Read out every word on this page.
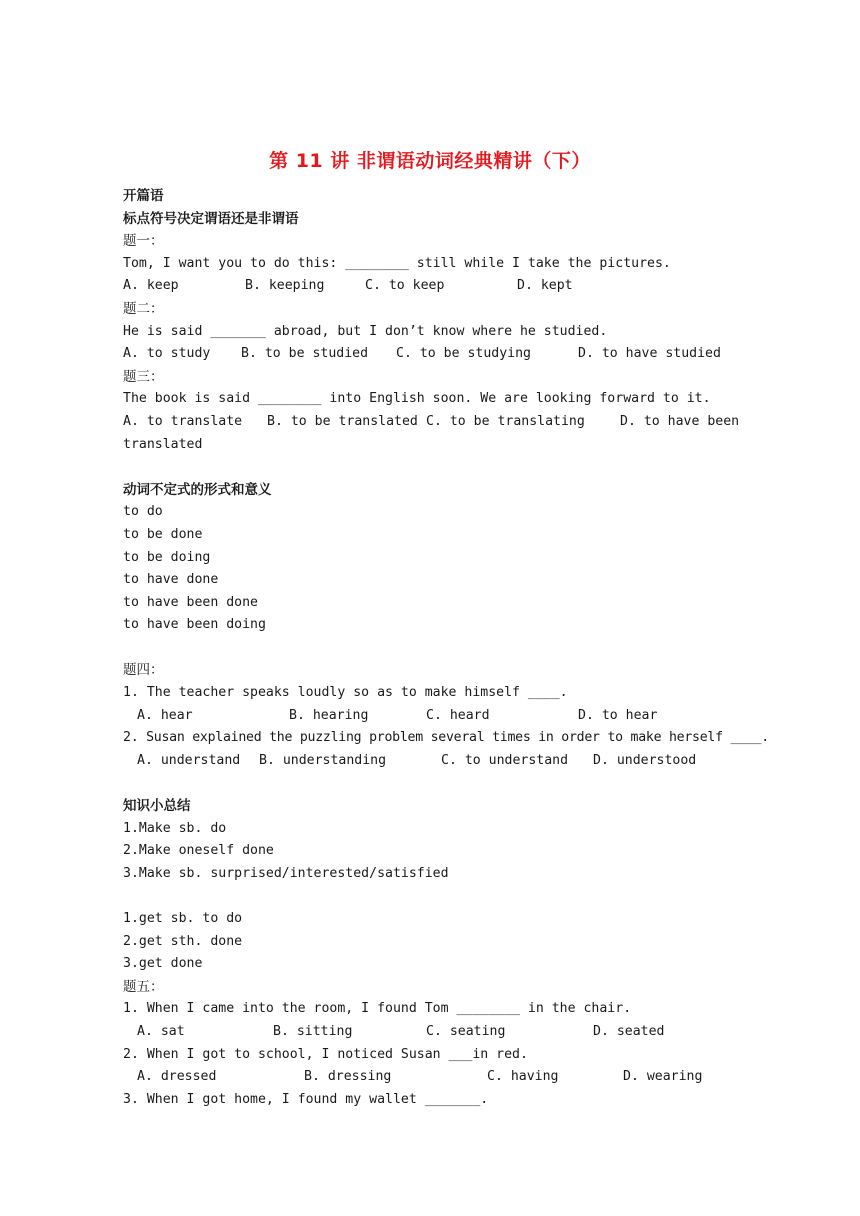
第 11 讲 非谓语动词经典精讲（下）
开篇语
标点符号决定谓语还是非谓语
题一：
Tom, I want you to do this: ________ still while I take the pictures.
A. keep	B. keeping	C. to keep	D. kept
题二：
He is said _______ abroad, but I don’t know where he studied.
A. to study	B. to be studied	C. to be studying	D. to have studied
题三：
The book is said ________ into English soon. We are looking forward to it.
A. to translate	B. to be translated C. to be translating	D. to have been
translated
动词不定式的形式和意义
to do
to be done
to be doing
to have done
to have been done
to have been doing
题四：
1. The teacher speaks loudly so as to make himself ____.
A. hear	B. hearing	C. heard	D. to hear
2. Susan explained the puzzling problem several times in order to make herself ____.
A. understand	B. understanding	C. to understand	D. understood
知识小总结
1.Make sb. do
2.Make oneself done
3.Make sb. surprised/interested/satisfied
1.get sb. to do
2.get sth. done
3.get done
题五：
1. When I came into the room, I found Tom ________ in the chair.
A. sat	B. sitting	C. seating	D. seated
2. When I got to school, I noticed Susan ___in red.
A. dressed	B. dressing	C. having	D. wearing
3. When I got home, I found my wallet _______.
